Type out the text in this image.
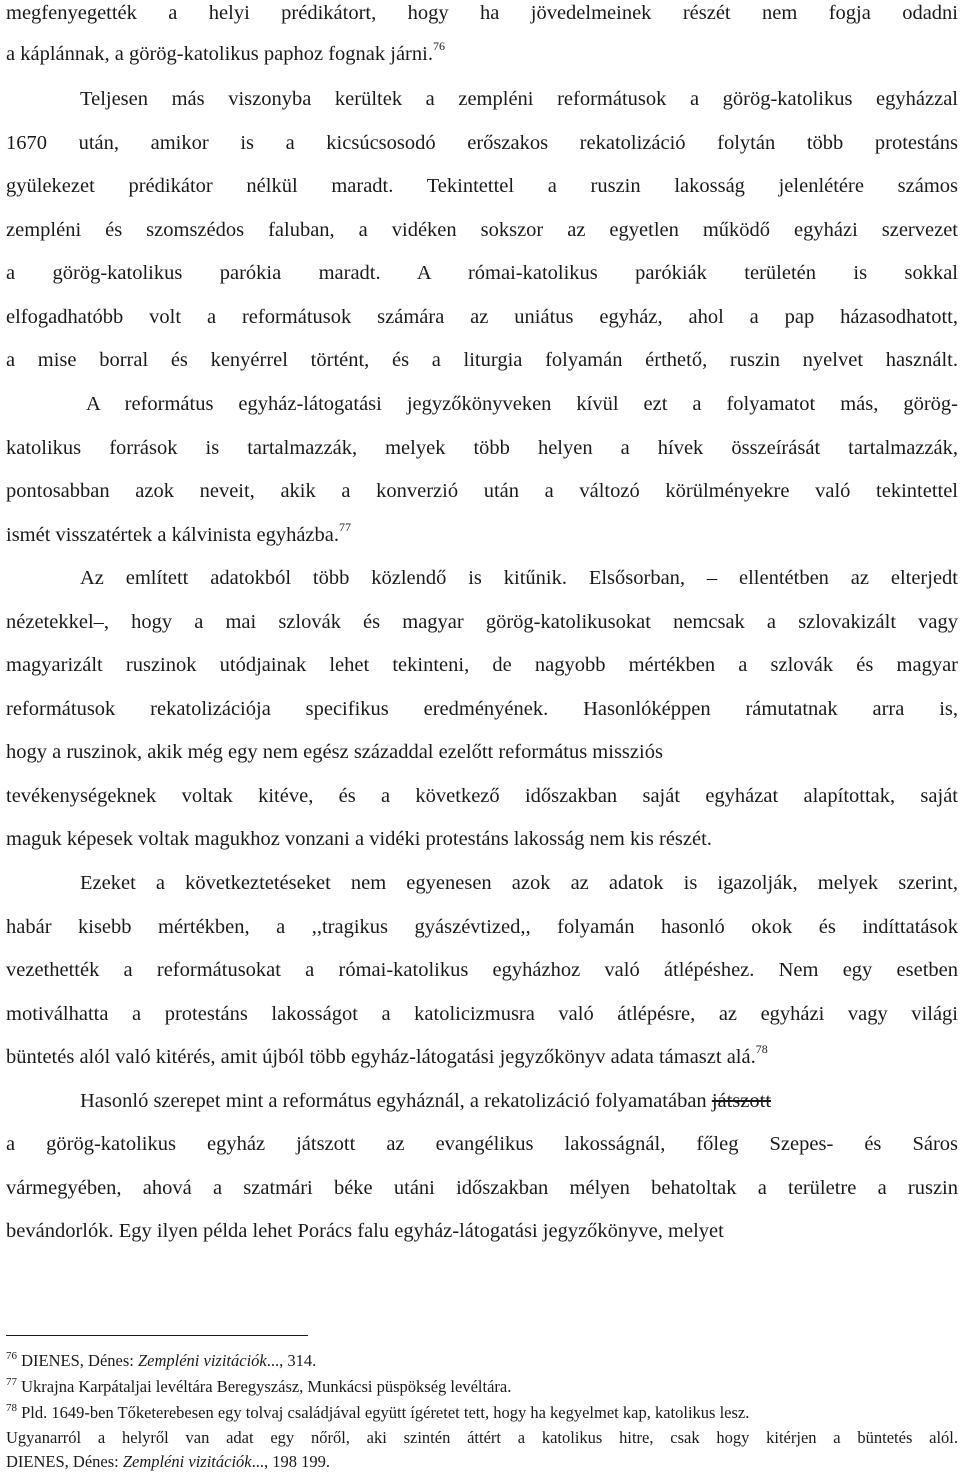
megfenyegették a helyi prédikátort, hogy ha jövedelmeinek részét nem fogja odadni
a káplánnak, a görög-katolikus paphoz fognak járni.$^{76}$
Teljesen más viszonyba kerültek a zempléni reformátusok a görög-katolikus egyházzal
1670 után, amikor is a kicsúcsosodó erőszakos rekatolizáció folytán több protestáns
gyülekezet prédikátor nélkül maradt. Tekintettel a ruszin lakosság jelenlétére számos
zempléni és szomszédos faluban, a vidéken sokszor az egyetlen működő egyházi szervezet
a görög-katolikus parókia maradt. A római-katolikus parókiák területén is sokkal
elfogadhatóbb volt a reformátusok számára az uniátus egyház, ahol a pap házasodhatott,
a mise borral és kenyérrel történt, és a liturgia folyamán érthető, ruszin nyelvet használt.
A református egyház-látogatási jegyzőkönyveken kívül ezt a folyamatot más, görög-
katolikus források is tartalmazzák, melyek több helyen a hívek összeírását tartalmazzák,
pontosabban azok neveit, akik a konverzió után a változó körülményekre való tekintettel
ismét visszatértek a kálvinista egyházba.$^{77}$
Az említett adatokból több közlendő is kitűnik. Elsősorban, – ellentétben az elterjedt
nézetekkel–, hogy a mai szlovák és magyar görög-katolikusokat nemcsak a szlovakizált vagy
magyarizált ruszinok utódjainak lehet tekinteni, de nagyobb mértékben a szlovák és magyar
reformátusok rekatolizációja specifikus eredményének. Hasonlóképpen rámutatnak arra is,
hogy a ruszinok, akik még egy nem egész századdal ezelőtt református missziós
tevékenységeknek voltak kitéve, és a következő időszakban saját egyházat alapítottak, saját
maguk képesek voltak magukhoz vonzani a vidéki protestáns lakosság nem kis részét.
Ezeket a következtetéseket nem egyenesen azok az adatok is igazolják, melyek szerint,
habár kisebb mértékben, a ,,tragikus gyászévtized,, folyamán hasonló okok és indíttatások
vezethették a reformátusokat a római-katolikus egyházhoz való átlépéshez. Nem egy esetben
motiválhatta a protestáns lakosságot a katolicizmusra való átlépésre, az egyházi vagy világi
büntetés alól való kitérés, amit újból több egyház-látogatási jegyzőkönyv adata támaszt alá.$^{78}$
Hasonló szerepet mint a református egyháznál, a rekatolizáció folyamatában játszott
a görög-katolikus egyház játszott az evangélikus lakosságnál, főleg Szepes- és Sáros
vármegyében, ahová a szatmári béke utáni időszakban mélyen behatoltak a területre a ruszin
bevándorlók. Egy ilyen példa lehet Porács falu egyház-látogatási jegyzőkönyve, melyet
$^{76}$ DIENES, Dénes: Zempléni vizitációk..., 314.
$^{77}$ Ukrajna Karpátaljai levéltára Beregyszász, Munkácsi püspökség levéltára.
$^{78}$ Pld. 1649-ben Tőketerebesen egy tolvaj családjával együtt ígéretet tett, hogy ha kegyelmet kap, katolikus lesz.
Ugyanarról a helyről van adat egy nőről, aki szintén áttért a katolikus hitre, csak hogy kitérjen a büntetés alól.
DIENES, Dénes: Zempléni vizitációk..., 198 199.
